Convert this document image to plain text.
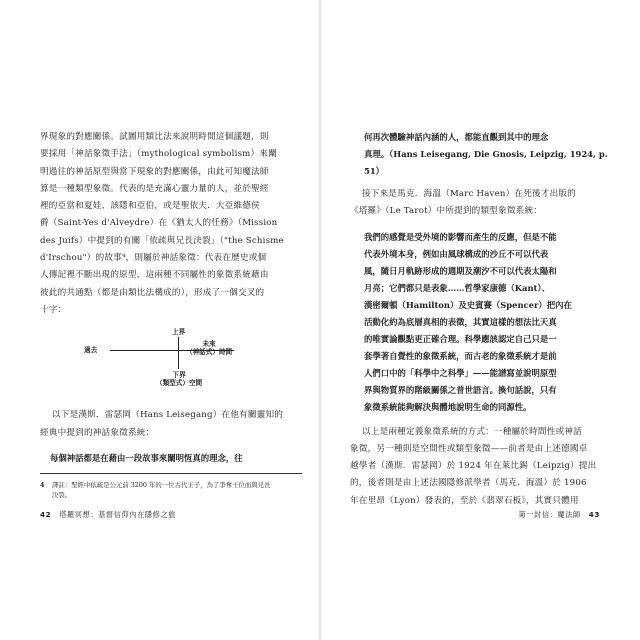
界現象的對應關係。試圖用類比法來說明時間這個議題，則

要採用「神話象徵手法」（mythological symbolism）來闡

明過往的神話原型與當下現象的對應關係，由此可知魔法師

算是一種類型象徵。代表的是充滿心靈力量的人，並於聖經

裡的亞當和夏娃、該隱和亞伯，或是聖依夫．大亞維德侯

爵（Saint-Yes d'Alveydre）在《猶太人的任務》（Mission

des Juifs）中提到的有關「依疏與兄長決裂」（"the Schisme

d'Irschou"）的故事⁴，則屬於神話象徵：代表在歷史或個

人傳記裡不斷出現的原型，這兩種不同屬性的象徵系統藉由

彼此的共通點（都是由類比法構成的），形成了一個交叉的

十字：

上界
過去
未來
（神話式）時間
下界
（類型式）空間

以下是漢斯．雷瑟岡（Hans Leisegang）在他有關靈知的

經典中提到的神話象徵系統：

每個神話都是在藉由一段故事來闡明恆真的理念，往

4 譯註：聖經中依疏是公元前 3200 年的一位古代王子，為了爭奪王位而與兄長
決裂。
42 塔羅冥想：基督信仰內在隱修之旅

何再次體驗神話內涵的人，都能直觀到其中的理念

真理。（Hans Leisegang, Die Gnosis, Leipzig, 1924, p.

51）

接下來是馬克．海溫（Marc Haven）在死後才出版的

《塔羅》（Le Tarot）中所提到的類型象徵系統：

我們的感覺是受外境的影響而產生的反應，但是不能

代表外境本身，例如由風球構成的沙丘不可以代表

風，隨日月軌跡形成的週期及潮汐不可以代表太陽和

月亮；它們都只是表象……哲學家康德（Kant）、

漢密爾頓（Hamilton）及史賓賽（Spencer）把內在

活動化約為底層真相的表徵，其實這樣的想法比天真

的唯實論觀點更正確合理。科學應該認定自己只是一

套學著自覺性的象徵系統，而古老的象徵系統才是前

人們口中的「科學中之科學」——能譜寫並說明原型

界與物質界的階級關係之普世語言。換句話說，只有

象徵系統能夠解決與體地說明生命的同源性。

以上是兩種定義象徵系統的方式：一種屬於時間性或神話

象徵，另一種則是空間性或類型象徵——前者是由上述德國卓

越學者（漢斯．雷瑟岡）於 1924 年在萊比錫（Leipzig）提出

的，後者則是由上述法國隱修派學者（馬克．海溫）於 1906

年在里昂（Lyon）發表的，至於《翡翠石板》，其實只體用

第一封信：魔法師 43
